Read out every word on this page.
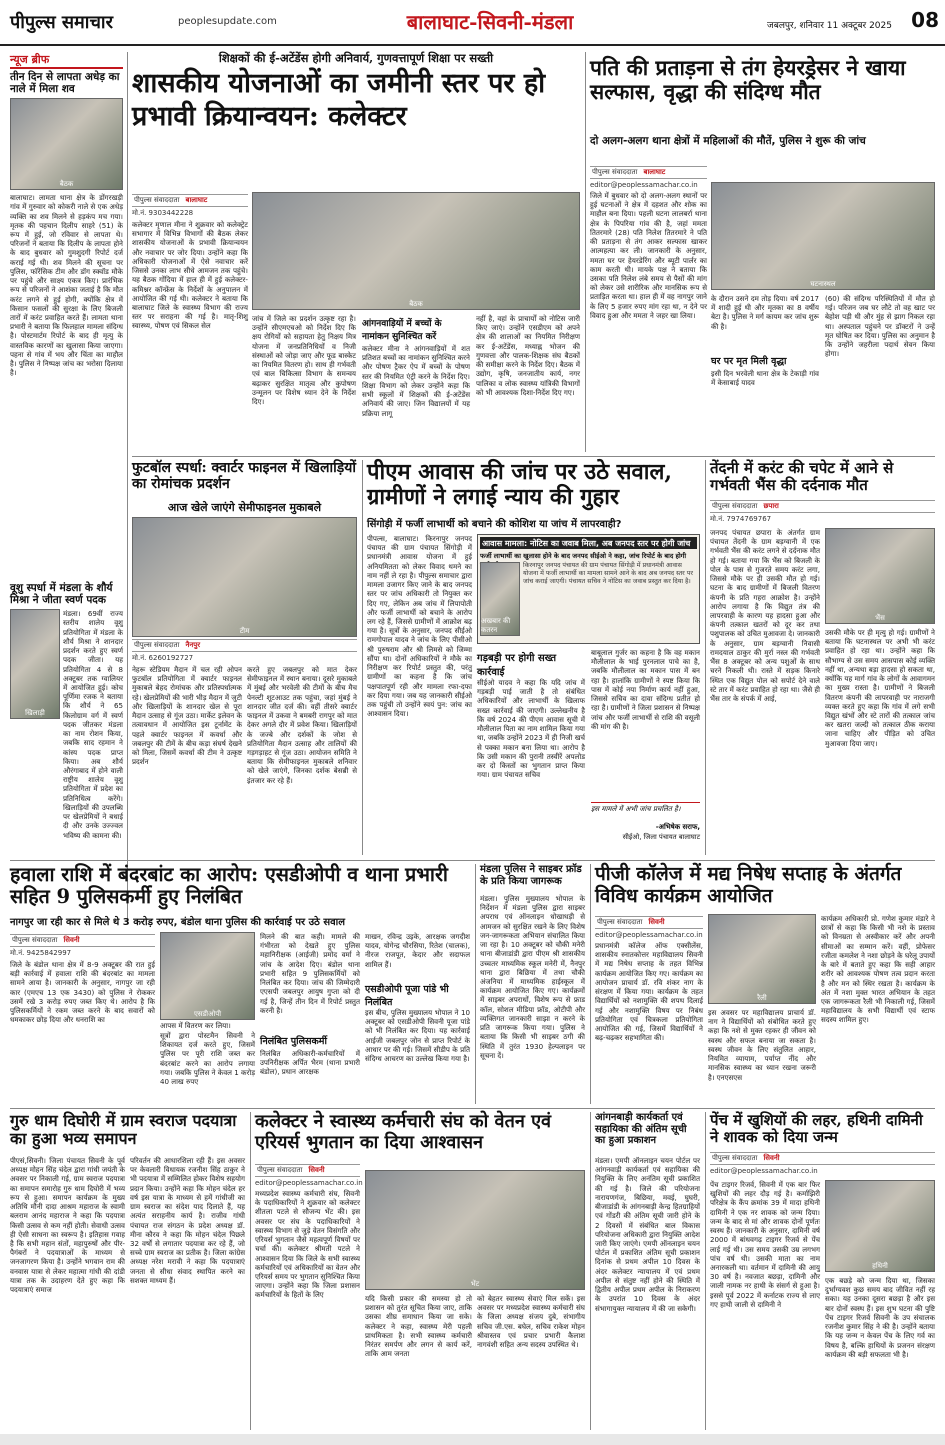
पीपुल्स समाचार	peoplesupdate.com	बालाघाट-सिवनी-मंडला	जबलपुर, शनिवार 11 अक्टूबर 2025 08
न्यूज ब्रीफ
तीन दिन से लापता अधेड़ का नाले में मिला शव
बैठक
बालाघाट। लामता थाना क्षेत्र के डोंगरखड़ी गांव में गुरुवार को कोकरी नाले से एक अधेड़ व्यक्ति का शव मिलने से हड़कंप मच गया। मृतक की पहचान दिलीप साहरे (51) के रूप में हुई, जो रविवार से लापता थे। परिजनों ने बताया कि दिलीप के लापता होने के बाद बुधवार को गुमशुदगी रिपोर्ट दर्ज कराई गई थी। शव मिलने की सूचना पर पुलिस, फॉरेंसिक टीम और डॉग स्क्वॉड मौके पर पहुंचे और साक्ष्य एकत्र किए। प्रारंभिक रूप से परिजनों ने आशंका जताई है कि मौत करंट लगने से हुई होगी, क्योंकि क्षेत्र में किसान फसलों की सुरक्षा के लिए बिजली तारों में करंट प्रवाहित करते हैं। लामता थाना प्रभारी ने बताया कि फिलहाल मामला संदिग्ध है। पोस्टमार्टम रिपोर्ट के बाद ही मृत्यु के वास्तविक कारणों का खुलासा किया जाएगा। पहना से गांव में भय और चिंता का माहौल है। पुलिस ने निष्पक्ष जांच का भरोसा दिलाया है।
वूशु स्पर्धा में मंडला के शौर्य मिश्रा ने जीता स्वर्ण पदक
खिलाड़ी
मंडला। 69वीं राज्य स्तरीय शालेय वूशु प्रतियोगिता में मंडला के शौर्य मिश्रा ने शानदार प्रदर्शन करते हुए स्वर्ण पदक जीता। यह प्रतियोगिता 4 से 8 अक्टूबर तक ग्वालियर में आयोजित हुई। कोच पूर्णिमा रजक ने बताया कि शौर्य ने 65 किलोग्राम वर्ग में स्वर्ण पदक जीतकर मंडला का नाम रोशन किया, जबकि साद रहमान ने कांस्य पदक प्राप्त किया। अब शौर्य औरंगाबाद में होने वाली राष्ट्रीय शालेय वूशु प्रतियोगिता में प्रदेश का प्रतिनिधित्व करेंगे। खिलाड़ियों की उपलब्धि पर खेलप्रेमियों ने बधाई दी और उनके उज्ज्वल भविष्य की कामना की।
शिक्षकों की ई-अटेंडेंस होगी अनिवार्य, गुणवत्तापूर्ण शिक्षा पर सख्ती
शासकीय योजनाओं का जमीनी स्तर पर हो प्रभावी क्रियान्वयन: कलेक्टर
पीपुल्स संवाददाता बालाघाट
मो.नं. 9303442228
कलेक्टर मृणाल मीना ने शुक्रवार को कलेक्ट्रेट सभागार में विभिन्न विभागों की बैठक लेकर शासकीय योजनाओं के प्रभावी क्रियान्वयन और नवाचार पर जोर दिया। उन्होंने कहा कि अधिकारी योजनाओं में ऐसे नवाचार करें जिससे उनका लाभ सीधे आमजन तक पहुंचे। यह बैठक गोंदिया में हाल ही में हुई कलेक्टर-कमिश्नर कॉन्फ्रेंस के निर्देशों के अनुपालन में आयोजित की गई थी। कलेक्टर ने बताया कि बालाघाट जिले के स्वास्थ्य विभाग की राज्य स्तर पर सराहना की गई है। मातृ-शिशु स्वास्थ्य, पोषण एवं सिकल सेल
बैठक
जांच में जिले का प्रदर्शन उत्कृष्ट रहा है। उन्होंने सीएमएचओ को निर्देश दिए कि क्षय रोगियों को सहायता हेतु निक्षय मित्र योजना में जनप्रतिनिधियों व निजी संस्थाओं को जोड़ा जाए और फूड बास्केट का नियमित वितरण हो। साथ ही गर्भवती एवं बाल चिकित्सा विभाग के समन्वय बढ़ाकर सुरक्षित मातृत्व और कुपोषण उन्मूलन पर विशेष ध्यान देने के निर्देश दिए।
आंगनवाड़ियों में बच्चों के नामांकन सुनिश्चित करें
कलेक्टर मीना ने आंगनवाड़ियों में शत प्रतिशत बच्चों का नामांकन सुनिश्चित करने और पोषण ट्रैकर ऐप में बच्चों के पोषण स्तर की नियमित एंट्री करने के निर्देश दिए। शिक्षा विभाग को लेकर उन्होंने कहा कि सभी स्कूलों में शिक्षकों की ई-अटेंडेंस अनिवार्य की जाए। जिन विद्यालयों में यह प्रक्रिया लागू
नहीं है, वहां के प्राचार्यों को नोटिस जारी किए जाएं। उन्होंने एसडीएम को अपने क्षेत्र की शालाओं का नियमित निरीक्षण कर ई-अटेंडेंस, मध्याह्न भोजन की गुणवत्ता और पालक-शिक्षक संघ बैठकों की समीक्षा करने के निर्देश दिए। बैठक में उद्योग, कृषि, जनजातीय कार्य, नगर पालिका व लोक स्वास्थ्य यांत्रिकी विभागों को भी आवश्यक दिशा-निर्देश दिए गए।
पति की प्रताड़ना से तंग हेयरड्रेसर ने खाया सल्फास, वृद्धा की संदिग्ध मौत
दो अलग-अलग थाना क्षेत्रों में महिलाओं की मौतें, पुलिस ने शुरू की जांच
पीपुल्स संवाददाता बालाघाट
editor@peoplessamachar.co.in
जिले में बुधवार को दो अलग-अलग स्थानों पर हुई घटनाओं ने क्षेत्र में दहशत और शोक का माहौल बना दिया। पहली घटना लालबर्रा थाना क्षेत्र के पिपरिया गांव की है, जहां ममता तितरमारे (28) पति निलेश तितरमारे ने पति की प्रताड़ना से तंग आकर सल्फास खाकर आत्महत्या कर ली। जानकारी के अनुसार, ममता घर पर हेयरडेरिंग और ब्यूटी पार्लर का काम करती थी। मायके पक्ष ने बताया कि उसका पति निलेश लंबे समय से पैसों की मांग को लेकर उसे शारीरिक और मानसिक रूप से प्रताड़ित करता था। हाल ही में वह नागपुर जाने के लिए 5 हजार रुपए मांग रहा था, न देने पर विवाद हुआ और ममता ने जहर खा लिया।
घटनास्थल
के दौरान उसने दम तोड़ दिया। वर्ष 2017 में शादी हुई थी और मृतका का 8 वर्षीय बेटा है। पुलिस ने मर्ग कायम कर जांच शुरू की है।
घर पर मृत मिली वृद्धा
इसी दिन भरवेली थाना क्षेत्र के टेकाड़ी गांव में केसाबाई यादव
(60) की संदिग्ध परिस्थितियों में मौत हो गई। परिजन जब घर लौटे तो वह खाट पर बेहोश पड़ी थी और मुंह से झाग निकल रहा था। अस्पताल पहुंचने पर डॉक्टरों ने उन्हें मृत घोषित कर दिया। पुलिस का अनुमान है कि उन्होंने जहरीला पदार्थ सेवन किया होगा।
फुटबॉल स्पर्धा: क्वार्टर फाइनल में खिलाड़ियों का रोमांचक प्रदर्शन
आज खेले जाएंगे सेमीफाइनल मुकाबले
टीम
पीपुल्स संवाददाता नैनपुर
मो.नं. 6260192727
नेहरू स्टेडियम मैदान में चल रही ओपन फुटबॉल प्रतियोगिता में क्वार्टर फाइनल मुकाबले बेहद रोमांचक और प्रतिस्पर्धात्मक रहे। खेलप्रेमियों की भारी भीड़ मैदान में जुटी और खिलाड़ियों के शानदार खेल से पूरा मैदान उत्साह से गूंज उठा। मार्केट इलेवन के तत्वावधान में आयोजित इस टूर्नामेंट के पहले क्वार्टर फाइनल में कवर्धा और जबलपुर की टीमें के बीच कड़ा संघर्ष देखने को मिला, जिसमें कवर्धा की टीम ने उत्कृष्ट प्रदर्शन
करते हुए जबलपुर को मात देकर सेमीफाइनल में स्थान बनाया। दूसरे मुकाबले में मुंबई और भरवेली की टीमों के बीच मैच पेनल्टी शूटआउट तक पहुंचा, जहां मुंबई ने शानदार जीत दर्ज की। वहीं तीसरे क्वार्टर फाइनल में उकवा ने बमबरी रागपुर को मात देकर अगले दौर में प्रवेश किया। खिलाड़ियों के जज्बे और दर्शकों के जोश से प्रतियोगिता मैदान उत्साह और तालियों की गड़गड़ाहट से गूंज उठा। आयोजन समिति ने बताया कि सेमीफाइनल मुकाबले शनिवार को खेले जाएंगे, जिनका दर्शक बेसब्री से इंतजार कर रहे हैं।
पीएम आवास की जांच पर उठे सवाल, ग्रामीणों ने लगाई न्याय की गुहार
सिंगोड़ी में फर्जी लाभार्थी को बचाने की कोशिश या जांच में लापरवाही?
पीपल्स, बालाघाट। किरनापुर जनपद पंचायत की ग्राम पंचायत सिंगोड़ी में प्रधानमंत्री आवास योजना में हुई अनियमितता को लेकर विवाद थमने का नाम नहीं ले रहा है। पीपुल्स समाचार द्वारा मामला उजागर किए जाने के बाद जनपद स्तर पर जांच अधिकारी तो नियुक्त कर दिए गए, लेकिन अब जांच में लिपापोती और फर्जी लाभार्थी को बचाने के आरोप लग रहे हैं, जिससे ग्रामीणों में आक्रोश बढ़ गया है। सूत्रों के अनुसार, जनपद सीईओ रामगोपाल यादव ने जांच के लिए पीसीओ श्री पुरुषराम और श्री लिमसे को जिम्मा सौंपा था। दोनों अधिकारियों ने मौके का निरीक्षण कर रिपोर्ट प्रस्तुत की, परंतु ग्रामीणों का कहना है कि जांच पक्षपातपूर्ण रही और मामला रफा-दफा कर दिया गया। जब यह जानकारी सीईओ तक पहुंची तो उन्होंने स्वयं पुन: जांच का आश्वासन दिया।
आवास मामला: नोटिस का जवाब मिला, अब जनपद स्तर पर होगी जांच
फर्जी लाभार्थी का खुलासा होने के बाद जनपद सीईओ ने कहा, जांच रिपोर्ट के बाद होगी
अखबार की कतरन
किरनापुर जनपद पंचायत की ग्राम पंचायत सिंगोड़ी में प्रधानमंत्री आवास योजना में फर्जी लाभार्थी का मामला सामने आने के बाद अब जनपद स्तर पर जांच कराई जाएगी। पंचायत सचिव ने नोटिस का जवाब प्रस्तुत कर दिया है।
गड़बड़ी पर होगी सख्त कार्रवाई
सीईओ यादव ने कहा कि यदि जांच में गड़बड़ी पाई जाती है तो संबंधित अधिकारियों और लाभार्थी के खिलाफ सख्त कार्रवाई की जाएगी। उल्लेखनीय है कि वर्ष 2024 की पीएम आवास सूची में मौलीलाल पिता का नाम शामिल किया गया था, जबकि उन्होंने 2023 में ही निजी खर्च से पक्का मकान बना लिया था। आरोप है कि उसी मकान की पुरानी तस्वीरें अपलोड कर दो किस्तों का भुगतान प्राप्त किया गया। ग्राम पंचायत सचिव
बाबूलाल गुर्जर का कहना है कि वह मकान मौलीलाल के भाई पुरनलाल पाचे का है, जबकि मौलीलाल का मकान पास में बन रहा है। हालांकि ग्रामीणों ने स्पष्ट किया कि पास में कोई नया निर्माण कार्य नहीं हुआ, जिससे सचिव का दावा संदिग्ध प्रतीत हो रहा है। ग्रामीणों ने जिला प्रशासन से निष्पक्ष जांच और फर्जी लाभार्थी से राशि की वसूली की मांग की है।
इस मामले में अभी जांच प्रचलित है।
-अभिषेक सराफ,
सीईओ, जिला पंचायत बालाघाट
तेंदनी में करंट की चपेट में आने से गर्भवती भैंस की दर्दनाक मौत
पीपुल्स संवाददाता छपारा
मो.नं. 7974769767
जनपद पंचायत छपारा के अंतर्गत ग्राम पंचायत तेंदनी के ग्राम बड़ग्वानी में एक गर्भवती भैंस की करंट लगने से दर्दनाक मौत हो गई। बताया गया कि भैंस को बिजली के पोल के पास से गुजरते समय करंट लगा, जिससे मौके पर ही उसकी मौत हो गई। घटना के बाद ग्रामीणों में बिजली वितरण कंपनी के प्रति गहरा आक्रोश है। उन्होंने आरोप लगाया है कि विद्युत तंत्र की लापरवाही के कारण यह हादसा हुआ और कंपनी तत्काल खतरों को दूर कर तथा पशुपालक को उचित मुआवजा दे। जानकारी के अनुसार, ग्राम बड़ग्वानी निवासी रामदयाल ठाकुर की मुर्रा नस्ल की गर्भवती भैंस 8 अक्टूबर को अन्य पशुओं के साथ चरने निकली थी। रास्ते में सड़क किनारे स्थित एक विद्युत पोल को सपोर्ट देने वाले स्टे तार में करंट प्रवाहित हो रहा था। जैसे ही भैंस तार के संपर्क में आई,
भैंस
उसकी मौके पर ही मृत्यु हो गई। ग्रामीणों ने बताया कि घटनास्थल पर अभी भी करंट प्रवाहित हो रहा था। उन्होंने कहा कि सौभाग्य से उस समय आसपास कोई व्यक्ति नहीं था, अन्यथा बड़ा हादसा हो सकता था, क्योंकि यह मार्ग गांव के लोगों के आवागमन का मुख्य रास्ता है। ग्रामीणों ने बिजली वितरण कंपनी की लापरवाही पर नाराजगी व्यक्त करते हुए कहा कि गांव में लगे सभी विद्युत खंभों और स्टे तारों की तत्काल जांच कर खतरा जल्दी को तत्काल ठीक कराया जाना चाहिए और पीड़ित को उचित मुआवजा दिया जाए।
हवाला राशि में बंदरबांट का आरोप: एसडीओपी व थाना प्रभारी सहित 9 पुलिसकर्मी हुए निलंबित
नागपुर जा रही कार से मिले थे 3 करोड़ रुपए, बंडोल थाना पुलिस की कार्रवाई पर उठे सवाल
पीपुल्स संवाददाता सिवनी
मो.नं. 9425842997
जिले के बंडोल थाना क्षेत्र में 8-9 अक्टूबर की रात हुई बड़ी कार्रवाई में हवाला राशि की बंदरबांट का मामला सामने आया है। जानकारी के अनुसार, नागपुर जा रही कार (एमएच 13 एक 3430) को पुलिस ने रोककर उसमें रखे 3 करोड़ रुपए जब्त किए थे। आरोप है कि पुलिसकर्मियों ने रकम जब्त करने के बाद सवारों को धमकाकर छोड़ दिया और धनराशि का
एसडीओपी
आपस में वितरण कर लिया।
सूत्रों द्वारा पोस्टमैन सिवनी ने शिकायत दर्ज करते हुए, जिसमें पुलिस पर पूरी राशि जब्त कर बंदरबांट करने का आरोप लगाया गया। जबकि पुलिस ने केवल 1 करोड़ 40 लाख रुपए
मिलने की बात कही। मामले की गंभीरता को देखते हुए पुलिस महानिरीक्षक (आईजी) प्रमोद वर्मा ने जांच के आदेश दिए। बंडोल थाना प्रभारी सहित 9 पुलिसकर्मियों को निलंबित कर दिया। जांच की जिम्मेदारी एएसपी जबलपुर आयुष गुप्ता को दी गई है, जिन्हें तीन दिन में रिपोर्ट प्रस्तुत करनी है।
निलंबित पुलिसकर्मी
निलंबित अधिकारी-कर्मचारियों में उपनिरीक्षक अर्पित भैरम (थाना प्रभारी बंडोल), प्रधान आरक्षक
माखन, रविन्द्र उइके, आरक्षक जगदीश यादव, योगेन्द्र चौरसिया, रितेश (चालक), नीरज राजपूत, केदार और सदाफल शामिल हैं।
एसडीओपी पूजा पांडे भी निलंबित
इस बीच, पुलिस मुख्यालय भोपाल ने 10 अक्टूबर को एसडीओपी सिवनी पूजा पांडे को भी निलंबित कर दिया। यह कार्रवाई आईजी जबलपुर जोन से प्राप्त रिपोर्ट के आधार पर की गई। जिसमें सीडीप के प्रति संदिग्ध आचरण का उल्लेख किया गया है।
मंडला पुलिस ने साइबर फ्रॉड के प्रति किया जागरूक
मंडला। पुलिस मुख्यालय भोपाल के निर्देशन में मंडला पुलिस द्वारा साइबर अपराध एवं ऑनलाइन धोखाधड़ी से आमजन को सुरक्षित रखने के लिए विशेष जन-जागरूकता अभियान संचालित किया जा रहा है। 10 अक्टूबर को चौकी मनेरी थाना बीजाडांडी द्वारा पीएम श्री शासकीय उच्चतर माध्यमिक स्कूल मनेरी में, नैनपुर थाना द्वारा बिछिया में तथा चौकी अंजनिया में माध्यमिक हाईस्कूल में कार्यक्रम आयोजित किए गए। कार्यक्रमों में साइबर अपराधों, विशेष रूप से फ्राड कॉल, सोशल मीडिया फ्रॉड, ओटीपी और व्यक्तिगत जानकारी साझा न करने के प्रति जागरूक किया गया। पुलिस ने बताया कि किसी भी साइबर ठगी की स्थिति में तुरंत 1930 हेल्पलाइन पर सूचना दें।
पीजी कॉलेज में मद्य निषेध सप्ताह के अंतर्गत विविध कार्यक्रम आयोजित
पीपुल्स संवाददाता सिवनी
editor@peoplessamachar.co.in
प्रधानमंत्री कॉलेज ऑफ एक्सीलेंस, शासकीय स्नातकोत्तर महाविद्यालय सिवनी में मद्य निषेध सप्ताह के तहत विभिन्न कार्यक्रम आयोजित किए गए। कार्यक्रम का आयोजन प्राचार्य डॉ. रवि शंकर नाग के संरक्षण में किया गया। कार्यक्रम के तहत विद्यार्थियों को नशामुक्ति की शपथ दिलाई गई और नशामुक्ति विषय पर निबंध प्रतियोगिता एवं चित्रकला प्रतियोगिता आयोजित की गई, जिसमें विद्यार्थियों ने बढ़-चढ़कर सहभागिता की।
रैली
इस अवसर पर महाविद्यालय प्राचार्य डॉ. नाग ने विद्यार्थियों को संबोधित करते हुए कहा कि नशे से मुक्त रहकर ही जीवन को स्वस्थ और सफल बनाया जा सकता है। स्वस्थ जीवन के लिए संतुलित आहार, नियमित व्यायाम, पर्याप्त नींद और मानसिक स्वास्थ्य का ध्यान रखना जरूरी है। एनएसएस
कार्यक्रम अधिकारी प्रो. गणेश कुमार मंडारे ने छात्रों से कहा कि किसी भी नशे के प्रस्ताव को विनम्रता से अस्वीकार करें और अपनी सीमाओं का सम्मान करें। वहीं, प्रोफेसर रजीता कमलेश ने नशा छोड़ने के घरेलू उपायों के बारे में बताते हुए कहा कि सही आहार शरीर को आवश्यक पोषण तत्व प्रदान करता है और मन को स्थिर रखता है। कार्यक्रम के अंत में नशा मुक्त भारत अभियान के तहत एक जागरूकता रैली भी निकाली गई, जिसमें महाविद्यालय के सभी विद्यार्थी एवं स्टाफ सदस्य शामिल हुए।
गुरु धाम दिघोरी में ग्राम स्वराज पदयात्रा का हुआ भव्य समापन
पीएसं,सिवनी। जिला पंचायत सिवनी के पूर्व अध्यक्ष मोहन सिंह चंदेल द्वारा गांधी जयंती के अवसर पर निकाली गई, ग्राम स्वराज पदयात्रा का समापन समारोह गुरु धाम दिघोरी में भव्य रूप से हुआ। समापन कार्यक्रम के मुख्य अतिथि मौनी दादा आश्रम महाराज के स्वामी बलराम आनंद महाराज ने कहा कि पदयात्रा किसी उत्सव से कम नहीं होती। सेवाधी उत्सव ही ऐसी साधना का स्वरूप है। इतिहास गवाह है कि सभी महान संतों, महापुरुषों और पीर-पैगंबरों ने पदयात्राओं के माध्यम से जनजागरण किया है। उन्होंने भगवान राम की वनवास यात्रा से लेकर महात्मा गांधी की दांडी यात्रा तक के उदाहरण देते हुए कहा कि पदयात्राएं समाज
परिवर्तन की आधारशिला रही हैं। इस अवसर पर केवलारी विधायक रजनीश सिंह ठाकुर ने भी पदयात्रा में सम्मिलित होकर विशेष सहयोग प्रदान किया। उन्होंने कहा कि मोहन चंदेल हर वर्ष इस यात्रा के माध्यम से हमें गांधीजी का ग्राम स्वराज का संदेश याद दिलाते हैं, यह अत्यंत सराहनीय कार्य है। राजीव गांधी पंचायत राज संगठन के प्रदेश अध्यक्ष डॉ. मीना कौरव ने कहा कि मोहन चंदेल पिछले 32 वर्षों से लगातार पदयात्रा कर रहे हैं, जो सच्चे ग्राम स्वराज का प्रतीक है। जिला कांग्रेस अध्यक्ष नरेश मरावी ने कहा कि पदयात्राएं जनता से सीधा संवाद स्थापित करने का सशक्त माध्यम हैं।
कलेक्टर ने स्वास्थ्य कर्मचारी संघ को वेतन एवं एरियर्स भुगतान का दिया आश्वासन
पीपुल्स संवाददाता सिवनी
editor@peoplessamachar.co.in
मध्यप्रदेश स्वास्थ्य कर्मचारी संघ, सिवनी के पदाधिकारियों ने शुक्रवार को कलेक्टर शीतला पटले से सौजन्य भेंट की। इस अवसर पर संघ के पदाधिकारियों ने स्वास्थ्य विभाग से जुड़े वेतन विसंगति और एरियर्स भुगतान जैसे महत्वपूर्ण विषयों पर चर्चा की। कलेक्टर श्रीमती पटले ने आश्वासन दिया कि जिले के सभी स्वास्थ्य कर्मचारियों एवं अधिकारियों का वेतन और एरियर्स समय पर भुगतान सुनिश्चित किया जाएगा। उन्होंने कहा कि जिला प्रशासन कर्मचारियों के हितों के लिए
भेंट
यदि किसी प्रकार की समस्या हो तो प्रशासन को तुरंत सूचित किया जाए, ताकि उसका शीघ्र समाधान किया जा सके। कलेक्टर ने कहा, स्वास्थ्य मेरी पहली प्राथमिकता है। सभी स्वास्थ्य कर्मचारी निरंतर समर्पण और लगन से कार्य करें, ताकि आम जनता
को बेहतर स्वास्थ्य सेवाएं मिल सकें। इस अवसर पर मध्यप्रदेश स्वास्थ्य कर्मचारी संघ के जिला अध्यक्ष संजय दुबे, संभागीय सचिव जी.एस. बघेल, सचिव राकेश मोहन श्रीवास्तव एवं प्रचार प्रभारी कैलाश नागवंशी सहित अन्य सदस्य उपस्थित थे।
आंगनबाड़ी कार्यकर्ता एवं सहायिका की अंतिम सूची का हुआ प्रकाशन
मंडला। एमपी ऑनलाइन चयन पोर्टल पर आंगनवाड़ी कार्यकर्ता एवं सहायिका की नियुक्ति के लिए अनंतिम सूची प्रकाशित की गई है। जिले की परियोजना नारायणगंज, बिछिया, मवई, घुघरी, बीजाडांडी के आंगनबाड़ी केन्द्र हितग्राहियों एवं गोंडरी की अंतिम सूची जारी होने के 2 दिवसों में संबंधित बाल विकास परियोजना अधिकारी द्वारा नियुक्ति आदेश जारी किए जाएंगे। एमपी ऑनलाइन चयन पोर्टल में प्रकाशित अंतिम सूची प्रकाशन दिनांक से प्रथम अपील 10 दिवस के अंदर कलेक्टर न्यायालय में एवं प्रथम अपील से संतुष्ट नहीं होने की स्थिति में द्वितीय अपील प्रथम अपील के निराकरण के उपरांत 10 दिवस के अंदर संभागायुक्त न्यायालय में की जा सकेगी।
पेंच में खुशियों की लहर, हथिनी दामिनी ने शावक को दिया जन्म
पीपुल्स संवाददाता सिवनी
editor@peoplessamachar.co.in
पेंच टाइगर रिजर्व, सिवनी में एक बार फिर खुशियों की लहर दौड़ गई है। कर्माझिरी परिक्षेत्र के कैंप क्रमांक 39 में मादा हथिनी दामिनी ने एक नर शावक को जन्म दिया। जन्म के बाद से मां और शावक दोनों पूर्णतः स्वस्थ हैं। जानकारी के अनुसार, दामिनी वर्ष 2000 में बांधवगढ़ टाइगर रिजर्व से पेंच लाई गई थी। उस समय उसकी उम्र लगभग पांच वर्ष थी। उसकी माता का नाम अनारकली था। वर्तमान में दामिनी की आयु 30 वर्ष है। नवजात बछड़ा, दामिनी और जाली नामक नर हाथी के संसर्ग से हुआ है। इससे पूर्व 2022 में कर्नाटक राज्य से लाए गए हाथी जाली से दामिनी ने
हथिनी
एक बछड़े को जन्म दिया था, जिसका दुर्भाग्यवश कुछ समय बाद जीवित नहीं रह सका। यह उनका दूसरा बछड़ा है और इस बार दोनों स्वस्थ हैं। इस शुभ घटना की पुष्टि पेंच टाइगर रिजर्व सिवनी के उप संचालक रजनीश कुमार सिंह ने की है। उन्होंने बताया कि यह जन्म न केवल पेंच के लिए गर्व का विषय है, बल्कि हाथियों के प्रजनन संरक्षण कार्यक्रम की बड़ी सफलता भी है।
